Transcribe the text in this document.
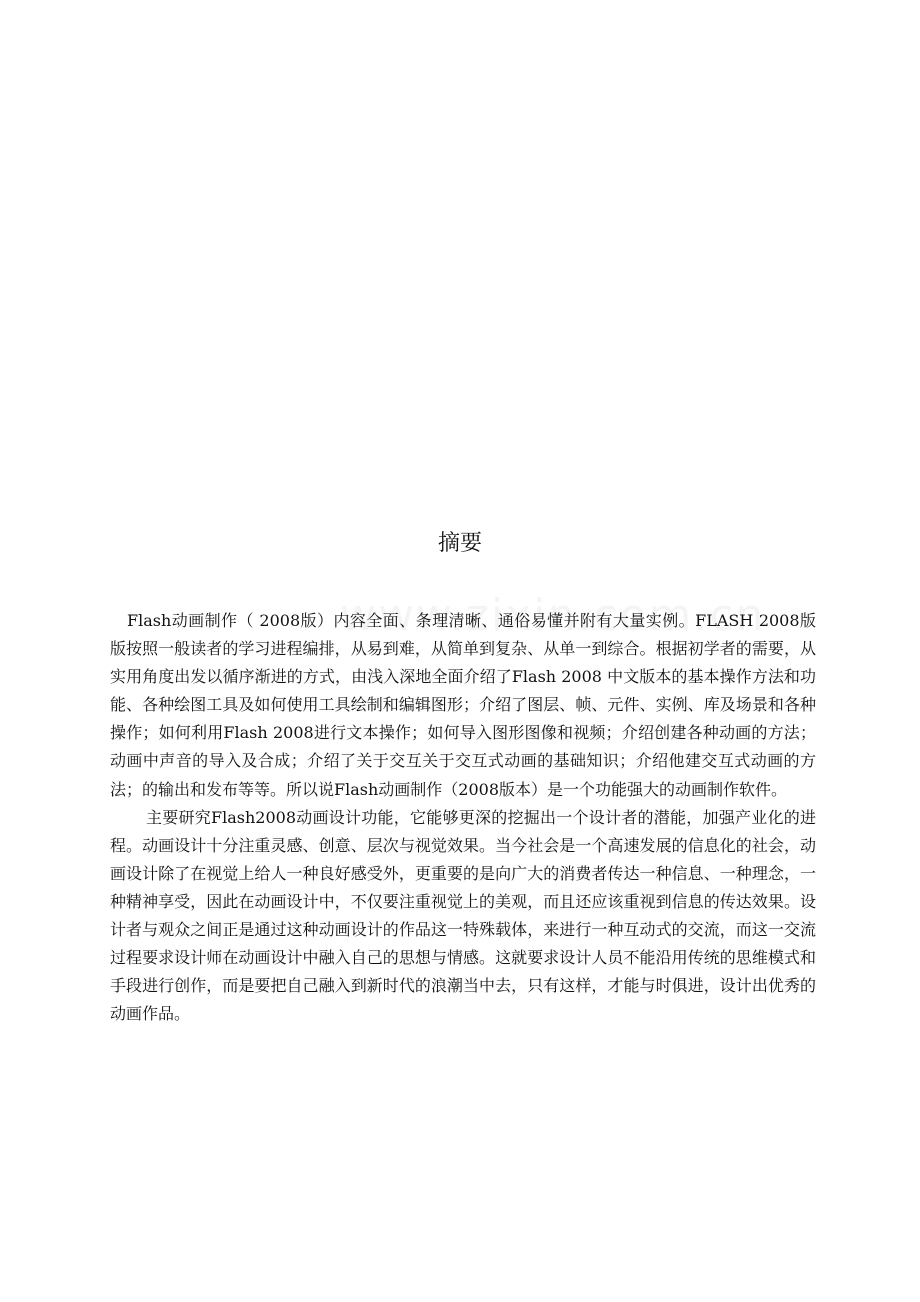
摘要

Flash动画制作（ 2008版）内容全面、条理清晰、通俗易懂并附有大量实例。FLASH 2008版版按照一般读者的学习进程编排，从易到难，从简单到复杂、从单一到综合。根据初学者的需要，从实用角度出发以循序渐进的方式，由浅入深地全面介绍了Flash 2008 中文版本的基本操作方法和功能、各种绘图工具及如何使用工具绘制和编辑图形；介绍了图层、帧、元件、实例、库及场景和各种操作；如何利用Flash 2008进行文本操作；如何导入图形图像和视频；介绍创建各种动画的方法；动画中声音的导入及合成；介绍了关于交互关于交互式动画的基础知识；介绍他建交互式动画的方法；的输出和发布等等。所以说Flash动画制作（2008版本）是一个功能强大的动画制作软件。

主要研究Flash2008动画设计功能，它能够更深的挖掘出一个设计者的潜能，加强产业化的进程。动画设计十分注重灵感、创意、层次与视觉效果。当今社会是一个高速发展的信息化的社会，动画设计除了在视觉上给人一种良好感受外，更重要的是向广大的消费者传达一种信息、一种理念，一种精神享受，因此在动画设计中，不仅要注重视觉上的美观，而且还应该重视到信息的传达效果。设计者与观众之间正是通过这种动画设计的作品这一特殊载体，来进行一种互动式的交流，而这一交流过程要求设计师在动画设计中融入自己的思想与情感。这就要求设计人员不能沿用传统的思维模式和手段进行创作，而是要把自己融入到新时代的浪潮当中去，只有这样，才能与时俱进，设计出优秀的动画作品。
